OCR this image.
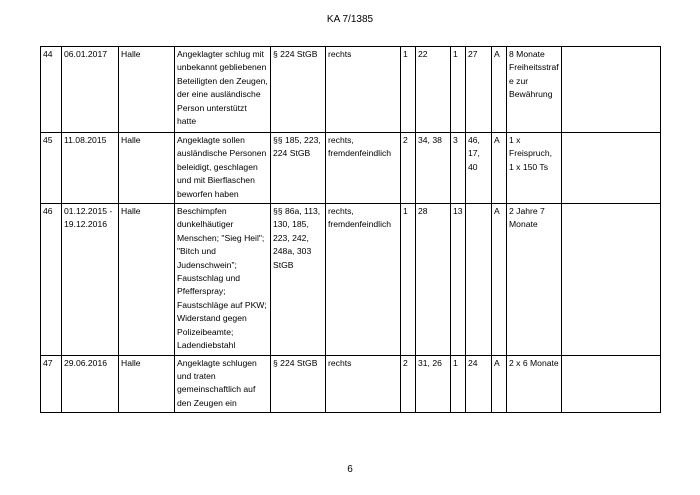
KA 7/1385
44	06.01.2017	Halle	Angeklagter schlug mit unbekannt gebliebenen Beteiligten den Zeugen, der eine ausländische Person unterstützt hatte	§ 224 StGB	rechts	1	22	1	27	A	8 Monate Freiheitsstrafe zur Bewährung	
45	11.08.2015	Halle	Angeklagte sollen ausländische Personen beleidigt, geschlagen und mit Bierflaschen beworfen haben	§§ 185, 223, 224 StGB	rechts, fremdenfeindlich	2	34, 38	3	46, 17, 40	A	1 x Freispruch, 1 x 150 Ts	
46	01.12.2015 - 19.12.2016	Halle	Beschimpfen dunkelhäutiger Menschen; "Sieg Heil"; "Bitch und Judenschwein"; Faustschlag und Pfefferspray; Faustschläge auf PKW; Widerstand gegen Polizeibeamte; Ladendiebstahl	§§ 86a, 113, 130, 185, 223, 242, 248a, 303 StGB	rechts, fremdenfeindlich	1	28	13		A	2 Jahre 7 Monate	
47	29.06.2016	Halle	Angeklagte schlugen und traten gemeinschaftlich auf den Zeugen ein	§ 224 StGB	rechts	2	31, 26	1	24	A	2 x 6 Monate	
6
